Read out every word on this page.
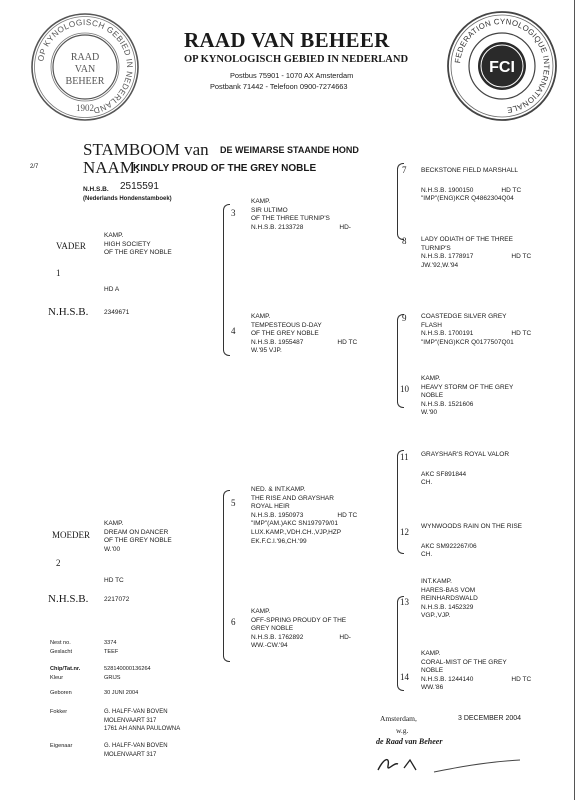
OP KYNOLOGISCH GEBIED IN NEDERLAND
RAAD
VAN
BEHEER
1902
FEDERATION CYNOLOGIQUE INTERNATIONALE
FCI
RAAD VAN BEHEER
OP KYNOLOGISCH GEBIED IN NEDERLAND
Postbus 75901 - 1070 AX Amsterdam
Postbank 71442 - Telefoon 0900-7274663
2/7
STAMBOOM van DE WEIMARSE STAANDE HOND
NAAM:
KINDLY PROUD OF THE GREY NOBLE
N.H.S.B. 2515591
(Nederlands Hondenstamboek)
VADER
1
KAMP.
HIGH SOCIETY
OF THE GREY NOBLE
HD A
N.H.S.B. 2349671
MOEDER
KAMP.
DREAM ON DANCER
OF THE GREY NOBLE
W.'00
2
HD TC
N.H.S.B. 2217072
3
KAMP.
SIR ULTIMO
OF THE THREE TURNIP'S
N.H.S.B. 2133728	HD-
4
KAMP.
TEMPESTEOUS D-DAY
OF THE GREY NOBLE
N.H.S.B. 1955487	HD TC
W.'95 VJP.
5
NED. & INT.KAMP.
THE RISE AND GRAYSHAR
ROYAL HEIR
N.H.S.B. 1950973	HD TC
"IMP"(AM.)AKC SN197979/01
LUX.KAMP.,VDH.CH.,VJP,HZP
EK.F.C.I.'96,CH.'99
6
KAMP.
OFF-SPRING PROUDY OF THE
GREY NOBLE
N.H.S.B. 1762892	HD-
WW.-CW.'94
7 BECKSTONE FIELD MARSHALL
N.H.S.B. 1900150	HD TC
"IMP"(ENG)KCR Q4862304Q04
8 LADY ODIATH OF THE THREE
TURNIP'S
N.H.S.B. 1778917	HD TC
JW.'92,W.'94
9 COASTEDGE SILVER GREY
FLASH
N.H.S.B. 1700191	HD TC
"IMP"(ENG)KCR Q0177507Q01
10
KAMP.
HEAVY STORM OF THE GREY
NOBLE
N.H.S.B. 1521606
W.'90
11 GRAYSHAR'S ROYAL VALOR
AKC SF891844
CH.
12
WYNWOODS RAIN ON THE RISE
AKC SM922267/06
CH.
13
INT.KAMP.
HARES-BAS VOM
REINHARDSWALD
N.H.S.B. 1452329
VGP.,VJP.
14
KAMP.
CORAL-MIST OF THE GREY
NOBLE
N.H.S.B. 1244140	HD TC
WW.'86
Nest no.	3374
Geslacht	TEEF
Chip/Tat.nr.	528140000136264
Kleur	GRIJS
Geboren	30 JUNI 2004
Fokker	G. HALFF-VAN BOVEN
MOLENVAART 317
1761 AH ANNA PAULOWNA
Eigenaar	G. HALFF-VAN BOVEN
MOLENVAART 317
Amsterdam,	3 DECEMBER 2004
w.g.
de Raad van Beheer
